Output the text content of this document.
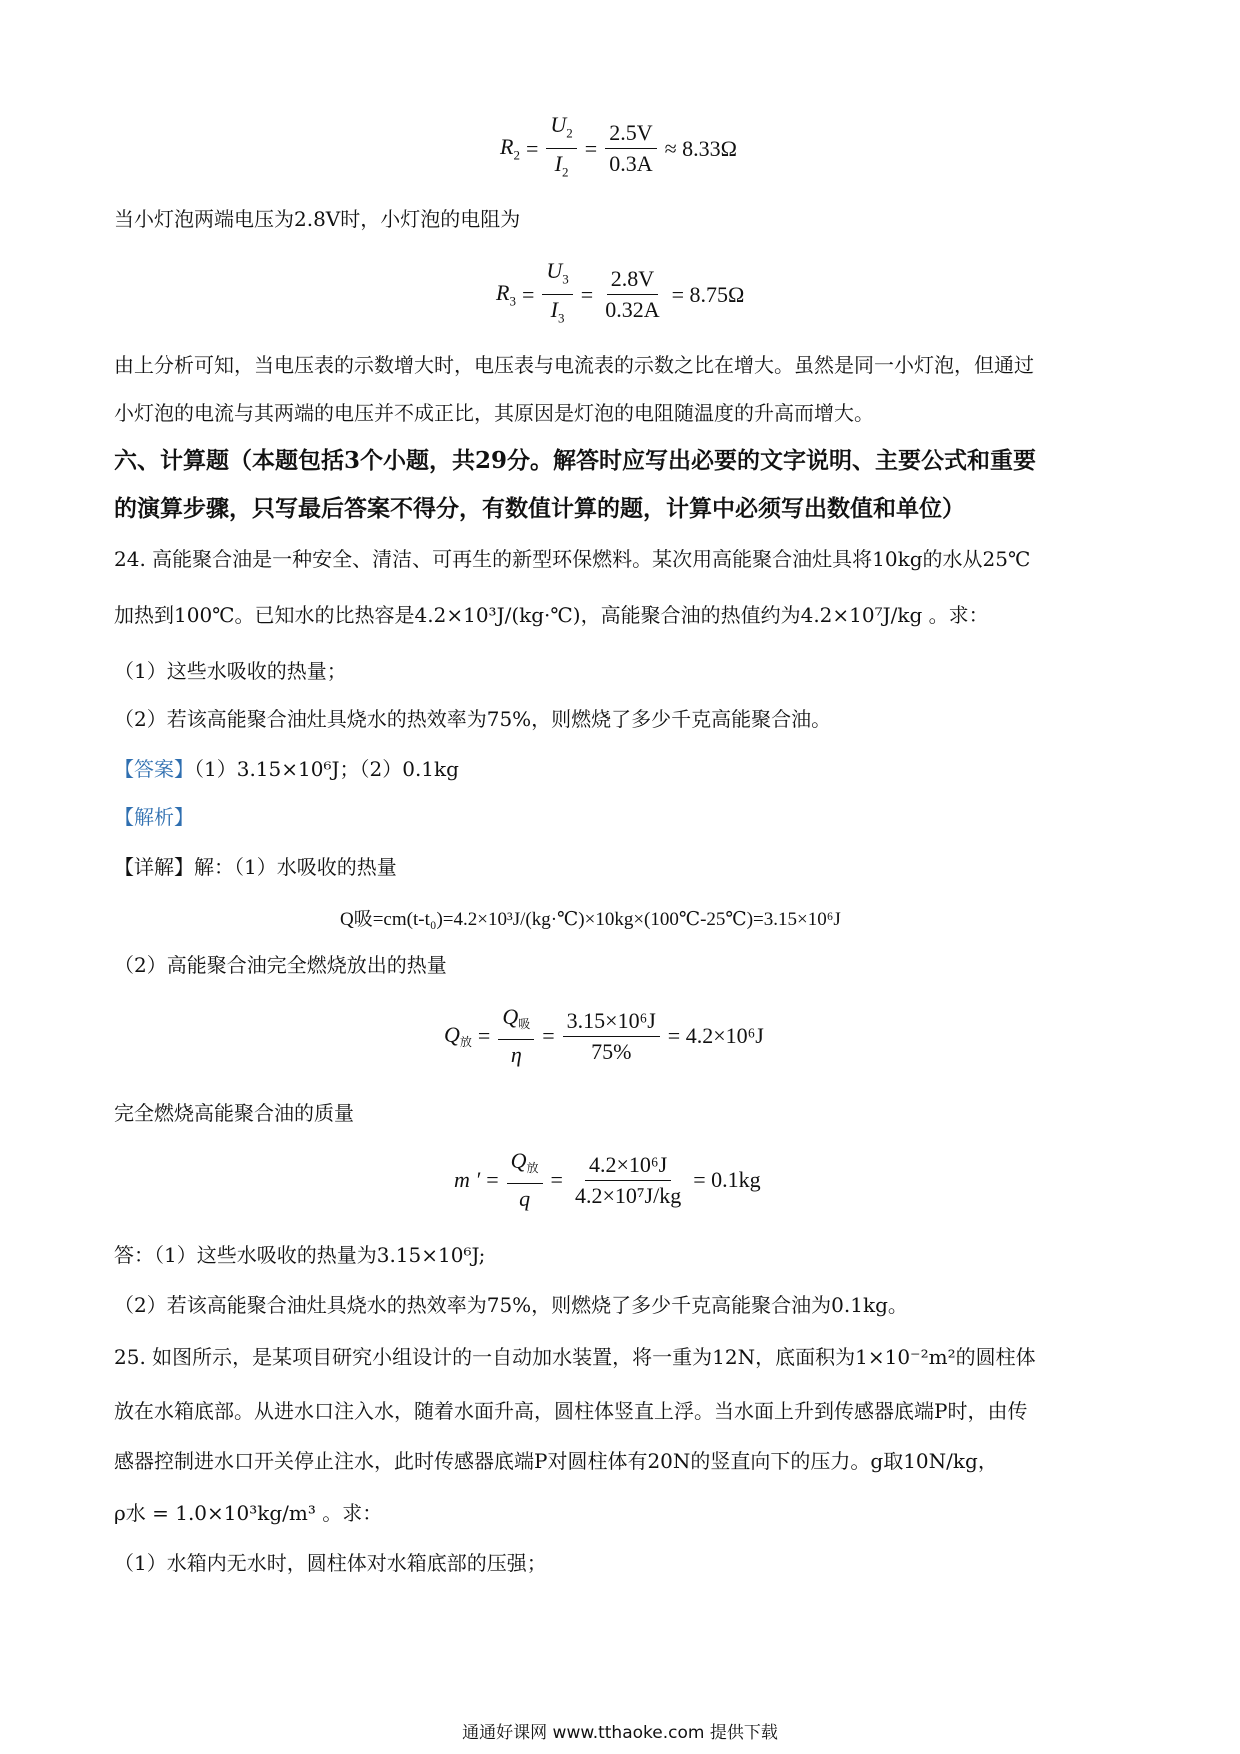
$R_2 = \frac{U_2}{I_2} = \frac{2.5V}{0.3A} \approx 8.33\Omega$
当小灯泡两端电压为2.8V时，小灯泡的电阻为
$R_3 = \frac{U_3}{I_3} = \frac{2.8V}{0.32A} = 8.75\Omega$
由上分析可知，当电压表的示数增大时，电压表与电流表的示数之比在增大。虽然是同一小灯泡，但通过
小灯泡的电流与其两端的电压并不成正比，其原因是灯泡的电阻随温度的升高而增大。
六、计算题（本题包括3个小题，共29分。解答时应写出必要的文字说明、主要公式和重要
的演算步骤，只写最后答案不得分，有数值计算的题，计算中必须写出数值和单位）
24. 高能聚合油是一种安全、清洁、可再生的新型环保燃料。某次用高能聚合油灶具将10kg的水从25℃
加热到100℃。已知水的比热容是4.2×10³J/(kg·℃)，高能聚合油的热值约为4.2×10⁷J/kg 。求：
（1）这些水吸收的热量；
（2）若该高能聚合油灶具烧水的热效率为75%，则燃烧了多少千克高能聚合油。
【答案】（1）3.15×10⁶J；（2）0.1kg
【解析】
【详解】解：（1）水吸收的热量
Q吸=cm(t-t₀)=4.2×10³J/(kg·℃)×10kg×(100℃-25℃)=3.15×10⁶J
（2）高能聚合油完全燃烧放出的热量
Q放 = $\frac{\text{Q吸}}{\eta} = \frac{\text{3.15×10⁶J}}{75\%} = 4.2\times 10^6J$
完全燃烧高能聚合油的质量
m ′ = $\frac{\text{Q放}}{q} = \frac{\text{4.2×10⁶J}}{\text{4.2×10⁷J/kg}} = 0.1kg$
答：（1）这些水吸收的热量为3.15×10⁶J;
（2）若该高能聚合油灶具烧水的热效率为75%，则燃烧了多少千克高能聚合油为0.1kg。
25. 如图所示，是某项目研究小组设计的一自动加水装置，将一重为12N，底面积为1×10⁻²m²的圆柱体
放在水箱底部。从进水口注入水，随着水面升高，圆柱体竖直上浮。当水面上升到传感器底端P时，由传
感器控制进水口开关停止注水，此时传感器底端P对圆柱体有20N的竖直向下的压力。g取10N/kg，
ρ水 = 1.0×10³kg/m³ 。求：
（1）水箱内无水时，圆柱体对水箱底部的压强；
通通好课网 www.tthaoke.com 提供下载
